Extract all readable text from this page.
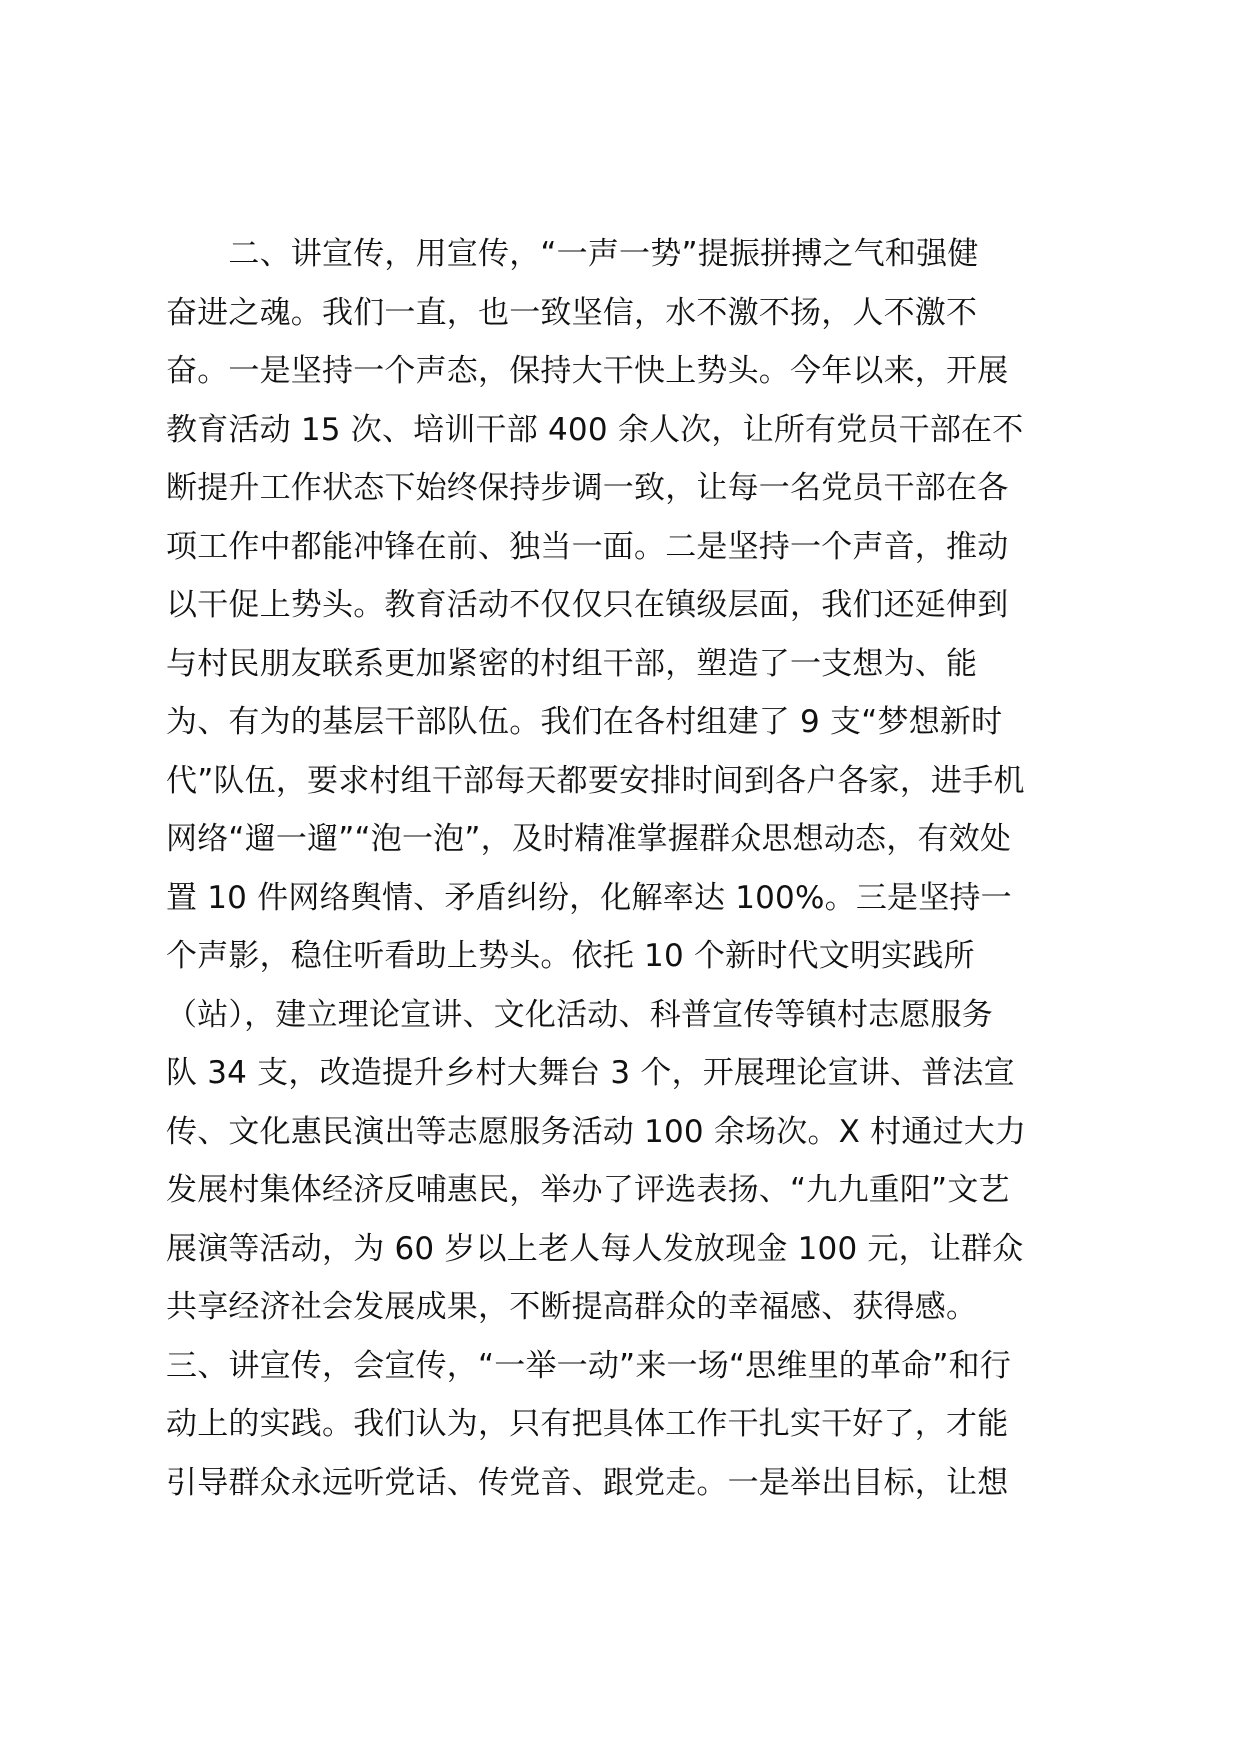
　　二、讲宣传，用宣传，“一声一势”提振拼搏之气和强健
奋进之魂。我们一直，也一致坚信，水不激不扬，人不激不
奋。一是坚持一个声态，保持大干快上势头。今年以来，开展
教育活动 15 次、培训干部 400 余人次，让所有党员干部在不
断提升工作状态下始终保持步调一致，让每一名党员干部在各
项工作中都能冲锋在前、独当一面。二是坚持一个声音，推动
以干促上势头。教育活动不仅仅只在镇级层面，我们还延伸到
与村民朋友联系更加紧密的村组干部，塑造了一支想为、能
为、有为的基层干部队伍。我们在各村组建了 9 支“梦想新时
代”队伍，要求村组干部每天都要安排时间到各户各家，进手机
网络“遛一遛”“泡一泡”，及时精准掌握群众思想动态，有效处
置 10 件网络舆情、矛盾纠纷，化解率达 100%。三是坚持一
个声影，稳住听看助上势头。依托 10 个新时代文明实践所
（站），建立理论宣讲、文化活动、科普宣传等镇村志愿服务
队 34 支，改造提升乡村大舞台 3 个，开展理论宣讲、普法宣
传、文化惠民演出等志愿服务活动 100 余场次。X 村通过大力
发展村集体经济反哺惠民，举办了评选表扬、“九九重阳”文艺
展演等活动，为 60 岁以上老人每人发放现金 100 元，让群众
共享经济社会发展成果，不断提高群众的幸福感、获得感。
三、讲宣传，会宣传，“一举一动”来一场“思维里的革命”和行
动上的实践。我们认为，只有把具体工作干扎实干好了，才能
引导群众永远听党话、传党音、跟党走。一是举出目标，让想
